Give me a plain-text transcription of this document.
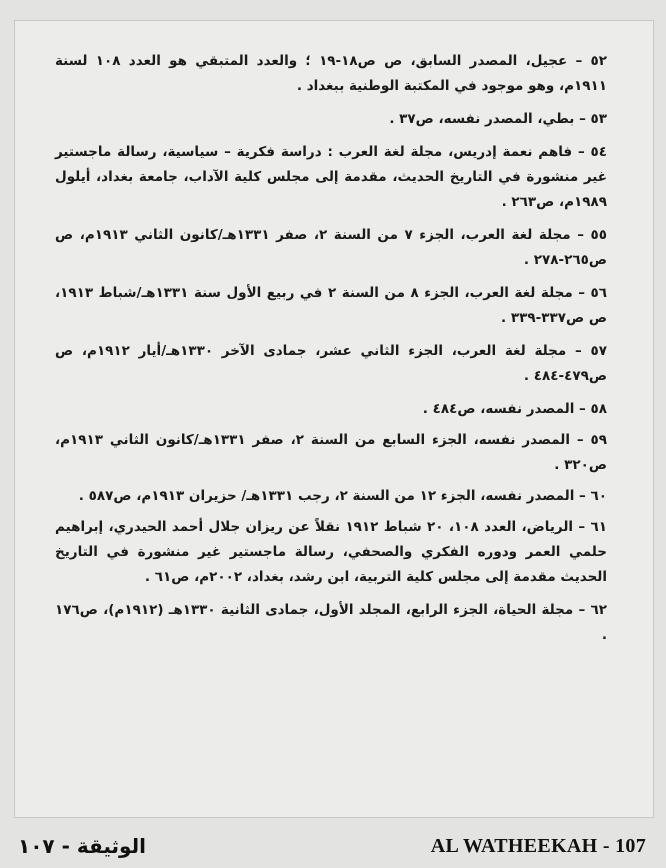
٥٢ – عجيل، المصدر السابق، ص ص١٨-١٩ ؛ والعدد المتبقي هو العدد ١٠٨ لسنة ١٩١١م، وهو موجود في المكتبة الوطنية ببغداد .

٥٣ – بطي، المصدر نفسه، ص٣٧ .

٥٤ – فاهم نعمة إدريس، مجلة لغة العرب : دراسة فكرية – سياسية، رسالة ماجستير غير منشورة في التاريخ الحديث، مقدمة إلى مجلس كلية الآداب، جامعة بغداد، أيلول ١٩٨٩م، ص٢٦٣ .

٥٥ – مجلة لغة العرب، الجزء ٧ من السنة ٢، صفر ١٣٣١هـ/كانون الثاني ١٩١٣م، ص ص٢٦٥-٢٧٨ .

٥٦ – مجلة لغة العرب، الجزء ٨ من السنة ٢ في ربيع الأول سنة ١٣٣١هـ/شباط ١٩١٣، ص ص٣٣٧-٣٣٩ .

٥٧ – مجلة لغة العرب، الجزء الثاني عشر، جمادى الآخر ١٣٣٠هـ/أيار ١٩١٢م، ص ص٤٧٩-٤٨٤ .

٥٨ – المصدر نفسه، ص٤٨٤ .

٥٩ – المصدر نفسه، الجزء السابع من السنة ٢، صفر ١٣٣١هـ/كانون الثاني ١٩١٣م، ص٣٢٠ .

٦٠ – المصدر نفسه، الجزء ١٢ من السنة ٢، رجب ١٣٣١هـ/ حزيران ١٩١٣م، ص٥٨٧ .

٦١ – الرياض، العدد ١٠٨، ٢٠ شباط ١٩١٢ نقلاً عن ريزان جلال أحمد الحيدري، إبراهيم حلمي العمر ودوره الفكري والصحفي، رسالة ماجستير غير منشورة في التاريخ الحديث مقدمة إلى مجلس كلية التربية، ابن رشد، بغداد، ٢٠٠٢م، ص٦١ .

٦٢ – مجلة الحياة، الجزء الرابع، المجلد الأول، جمادى الثانية ١٣٣٠هـ (١٩١٢م)، ص١٧٦ .

الوثيقة - ١٠٧	AL WATHEEKAH - 107
